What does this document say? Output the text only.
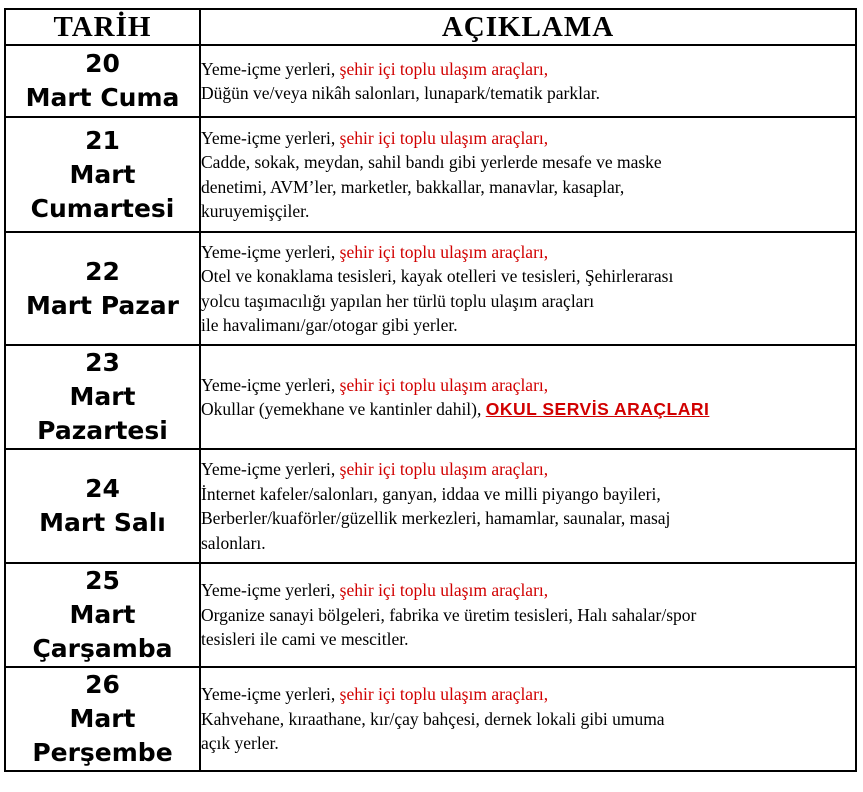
TARİH	AÇIKLAMA

20
Mart Cuma	Yeme-içme yerleri, şehir içi toplu ulaşım araçları,
Düğün ve/veya nikâh salonları, lunapark/tematik parklar.

21
Mart
Cumartesi	Yeme-içme yerleri, şehir içi toplu ulaşım araçları,
Cadde, sokak, meydan, sahil bandı gibi yerlerde mesafe ve maske
denetimi, AVM’ler, marketler, bakkallar, manavlar, kasaplar,
kuruyemişçiler.

22
Mart Pazar	Yeme-içme yerleri, şehir içi toplu ulaşım araçları,
Otel ve konaklama tesisleri, kayak otelleri ve tesisleri, Şehirlerarası
yolcu taşımacılığı yapılan her türlü toplu ulaşım araçları
ile havalimanı/gar/otogar gibi yerler.

23
Mart
Pazartesi	Yeme-içme yerleri, şehir içi toplu ulaşım araçları,
Okullar (yemekhane ve kantinler dahil), OKUL SERVİS ARAÇLARI

24
Mart Salı	Yeme-içme yerleri, şehir içi toplu ulaşım araçları,
İnternet kafeler/salonları, ganyan, iddaa ve milli piyango bayileri,
Berberler/kuaförler/güzellik merkezleri, hamamlar, saunalar, masaj
salonları.

25
Mart
Çarşamba	Yeme-içme yerleri, şehir içi toplu ulaşım araçları,
Organize sanayi bölgeleri, fabrika ve üretim tesisleri, Halı sahalar/spor
tesisleri ile cami ve mescitler.

26
Mart
Perşembe	Yeme-içme yerleri, şehir içi toplu ulaşım araçları,
Kahvehane, kıraathane, kır/çay bahçesi, dernek lokali gibi umuma
açık yerler.
